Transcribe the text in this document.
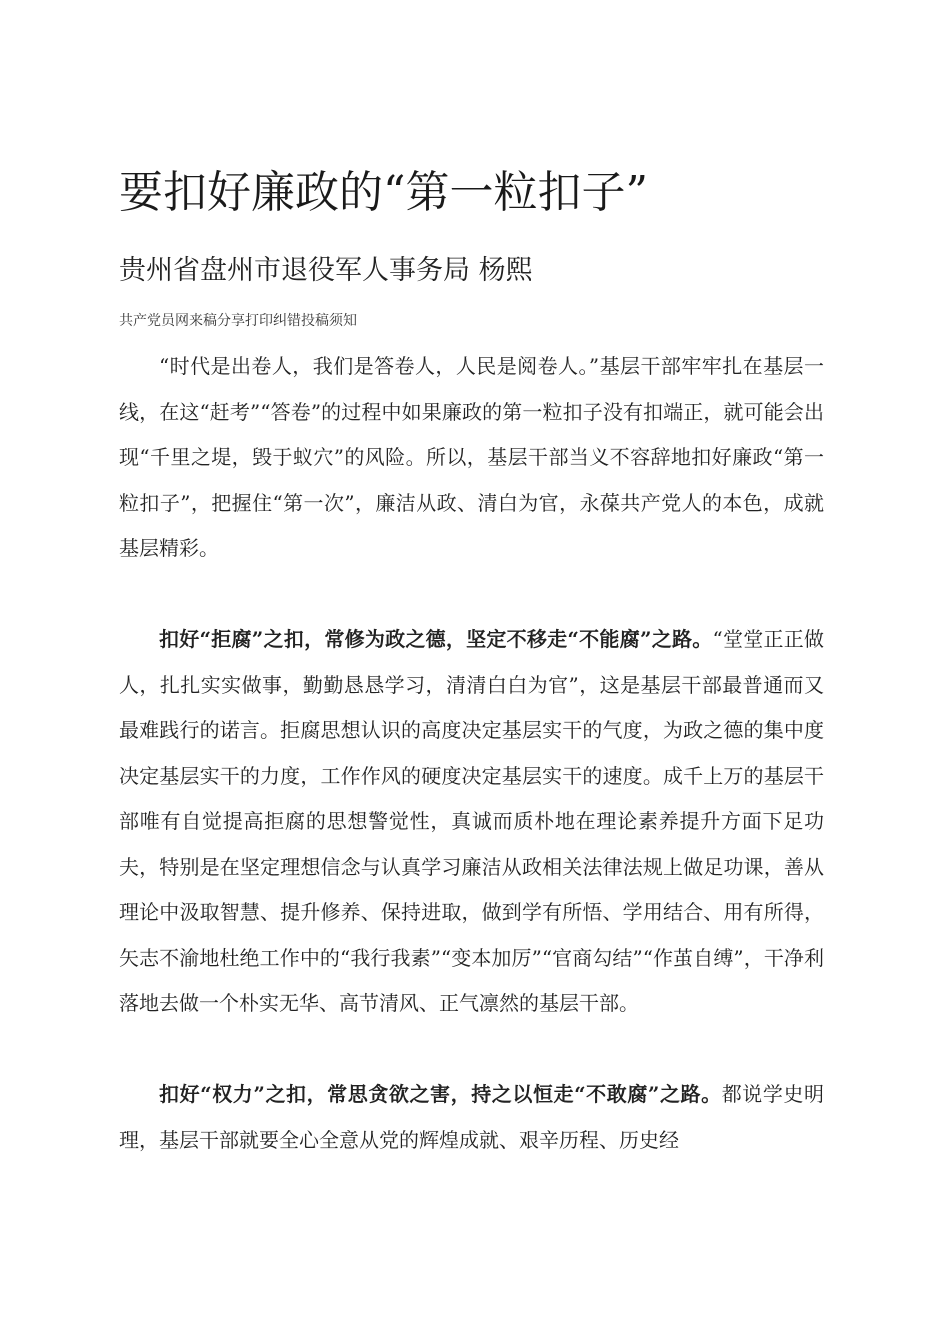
要扣好廉政的“第一粒扣子”
贵州省盘州市退役军人事务局 杨熙
共产党员网来稿分享打印纠错投稿须知

“时代是出卷人，我们是答卷人，人民是阅卷人。”基层干部牢牢扎在基层一线，在这“赶考”“答卷”的过程中如果廉政的第一粒扣子没有扣端正，就可能会出现“千里之堤，毁于蚁穴”的风险。所以，基层干部当义不容辞地扣好廉政“第一粒扣子”，把握住“第一次”，廉洁从政、清白为官，永葆共产党人的本色，成就基层精彩。

扣好“拒腐”之扣，常修为政之德，坚定不移走“不能腐”之路。“堂堂正正做人，扎扎实实做事，勤勤恳恳学习，清清白白为官”，这是基层干部最普通而又最难践行的诺言。拒腐思想认识的高度决定基层实干的气度，为政之德的集中度决定基层实干的力度，工作作风的硬度决定基层实干的速度。成千上万的基层干部唯有自觉提高拒腐的思想警觉性，真诚而质朴地在理论素养提升方面下足功夫，特别是在坚定理想信念与认真学习廉洁从政相关法律法规上做足功课，善从理论中汲取智慧、提升修养、保持进取，做到学有所悟、学用结合、用有所得，矢志不渝地杜绝工作中的“我行我素”“变本加厉”“官商勾结”“作茧自缚”，干净利落地去做一个朴实无华、高节清风、正气凛然的基层干部。

扣好“权力”之扣，常思贪欲之害，持之以恒走“不敢腐”之路。都说学史明理，基层干部就要全心全意从党的辉煌成就、艰辛历程、历史经
